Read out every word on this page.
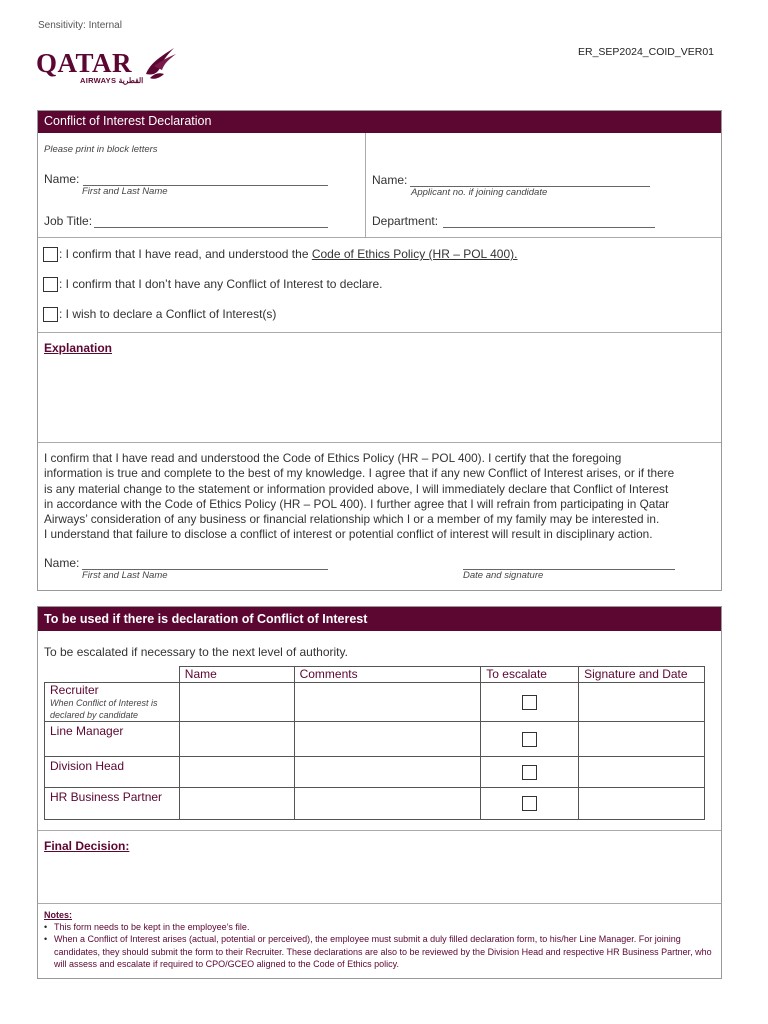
Sensitivity: Internal
ER_SEP2024_COID_VER01
QATAR
AIRWAYS القطرية
Conflict of Interest Declaration
Please print in block letters
Name:
First and Last Name
Name:
Applicant no. if joining candidate
Job Title:	Department:
: I confirm that I have read, and understood the Code of Ethics Policy (HR – POL 400).
: I confirm that I don’t have any Conflict of Interest to declare.
: I wish to declare a Conflict of Interest(s)
Explanation
I confirm that I have read and understood the Code of Ethics Policy (HR – POL 400). I certify that the foregoing
information is true and complete to the best of my knowledge. I agree that if any new Conflict of Interest arises, or if there
is any material change to the statement or information provided above, I will immediately declare that Conflict of Interest
in accordance with the Code of Ethics Policy (HR – POL 400). I further agree that I will refrain from participating in Qatar
Airways’ consideration of any business or financial relationship which I or a member of my family may be interested in.
I understand that failure to disclose a conflict of interest or potential conflict of interest will result in disciplinary action.
Name:
First and Last Name	Date and signature
To be used if there is declaration of Conflict of Interest
To be escalated if necessary to the next level of authority.
	Name	Comments	To escalate	Signature and Date

Recruiter
When Conflict of Interest is declared by candidate				

Line Manager				

Division Head				

HR Business Partner				

Final Decision:
Notes:
• This form needs to be kept in the employee’s file.
• When a Conflict of Interest arises (actual, potential or perceived), the employee must submit a duly filled declaration form, to his/her Line Manager. For joining candidates, they should submit the form to their Recruiter. These declarations are also to be reviewed by the Division Head and respective HR Business Partner, who will assess and escalate if required to CPO/GCEO aligned to the Code of Ethics policy.
